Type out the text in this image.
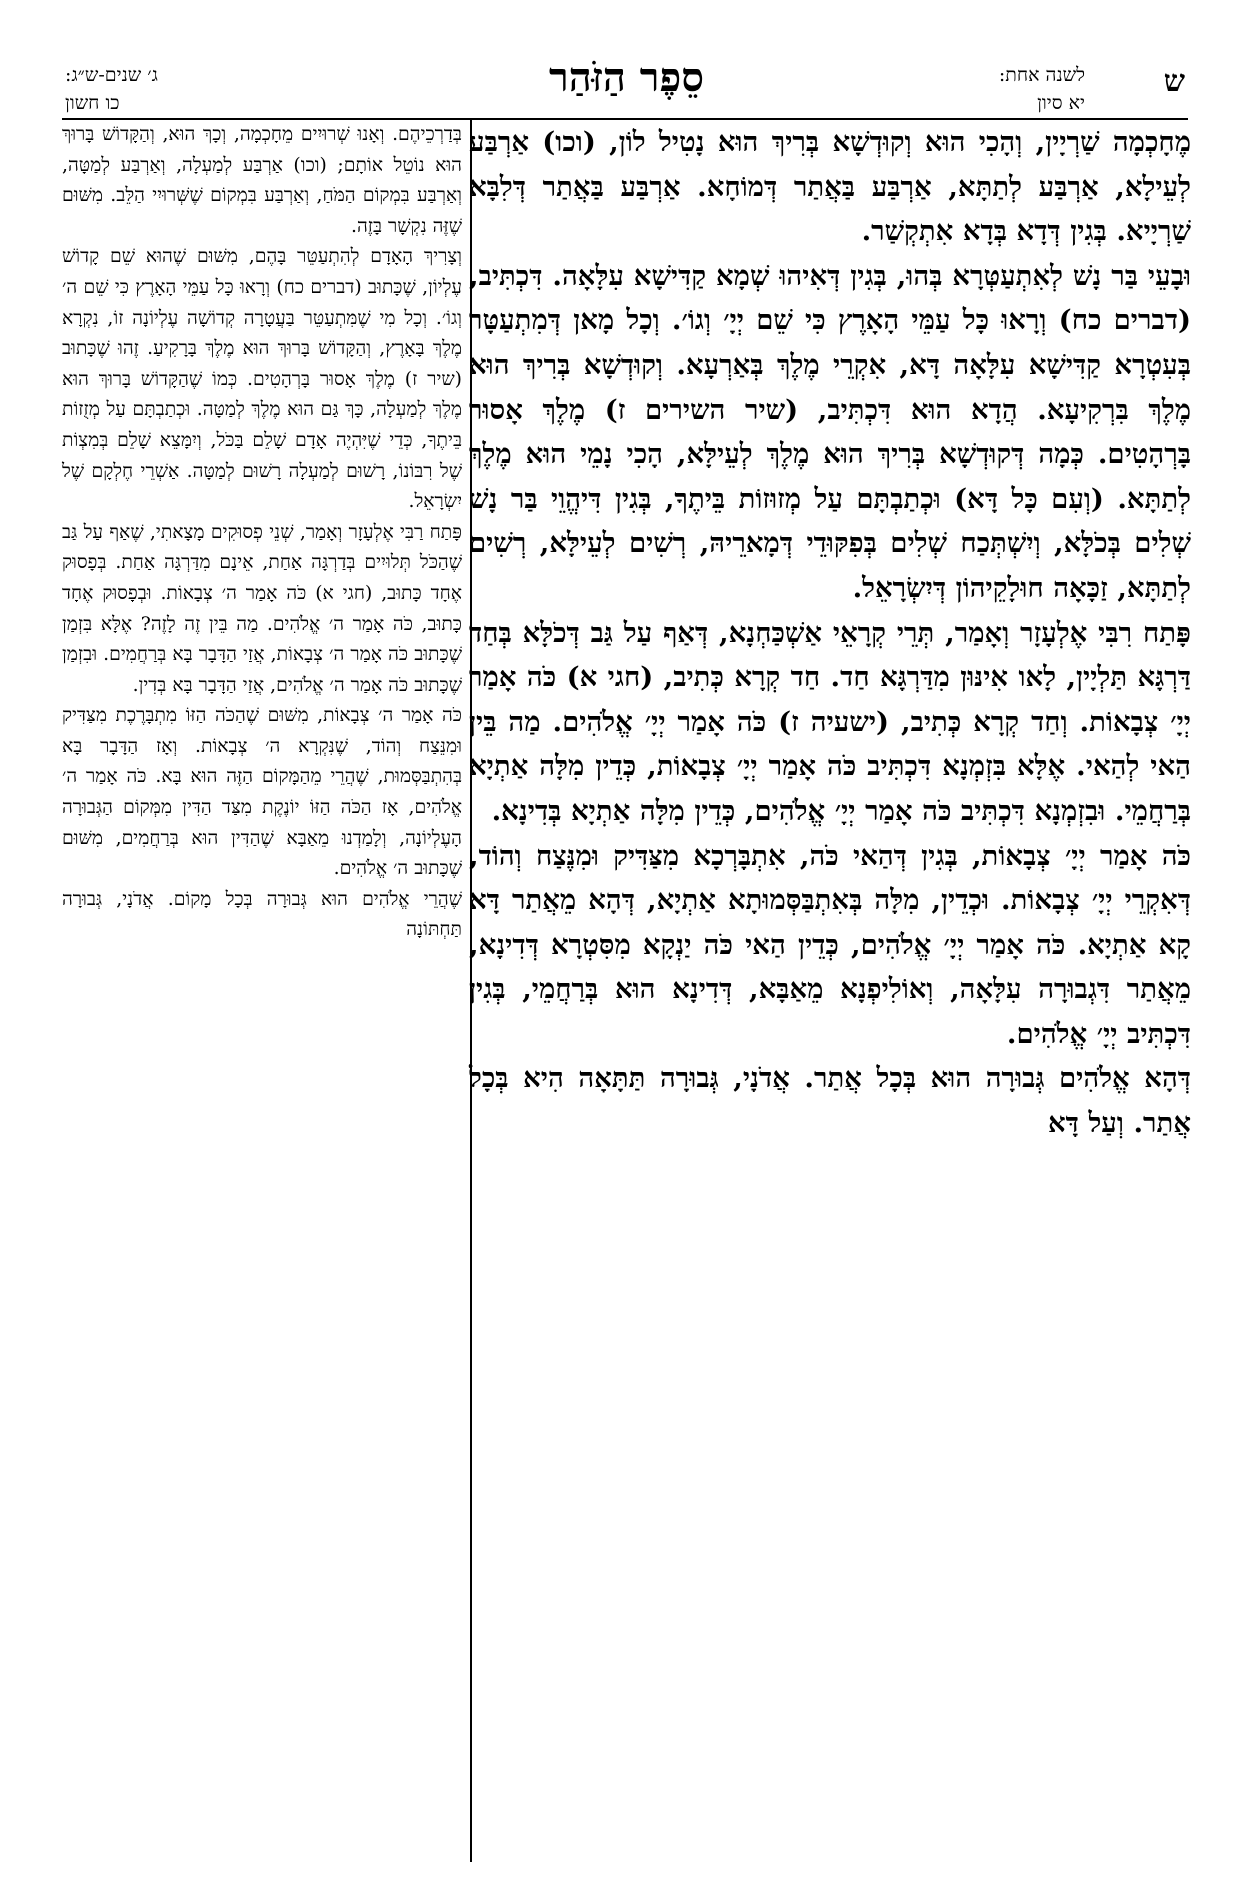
ש
לשנה אחת:
יא סיון
סֵפֶר הַזֹּהַר
ג׳ שנים-ש״ג:
כו חשון

מֶחָכְמָה שַׁרְיָין, וְהָכִי הוּא וְקוּדְשָׁא בְּרִיךְ הוּא נָטִיל לוֹן, (וכו) אַרְבַּע לְעֵילָא, אַרְבַּע לְתַתָּא, אַרְבַּע בַּאֲתַר דְּמוֹחָא. אַרְבַּע בַּאֲתַר דְּלִבָּא שַׁרְיָיא. בְּגִין דְּדָא בְּדָא אִתְקְשַׁר.

וּבָעֵי בַּר נָשׁ לְאִתְעַטְּרָא בְּהוּ, בְּגִין דְּאִיהוּ שְׁמָא קַדִּישָׁא עִלָּאָה. דִּכְתִּיב, (דברים כח) וְרָאוּ כָּל עַמֵּי הָאָרֶץ כִּי שֵׁם יְיָ׳ וְגוֹ׳. וְכָל מָאן דְּמִתְעַטָּר בְּעִטְרָא קַדִּישָׁא עִלָּאָה דָּא, אִקְרֵי מֶלֶךְ בְּאַרְעָא. וְקוּדְשָׁא בְּרִיךְ הוּא מֶלֶךְ בִּרְקִיעָא. הֲדָא הוּא דִּכְתִּיב, (שיר השירים ז) מֶלֶךְ אָסוּר בָּרְהָטִים. כְּמָה דְּקוּדְשָׁא בְּרִיךְ הוּא מֶלֶךְ לְעֵילָּא, הָכִי נָמֵי הוּא מֶלֶךְ לְתַתָּא. (וְעִם כָּל דָּא) וּכְתַבְתָּם עַל מְזוּזוֹת בֵּיתֶךָ, בְּגִין דִּיהֱוֵי בַּר נָשׁ שְׁלִים בְּכֹלָּא, וְיִשְׁתְּכַח שְׁלִים בְּפִקּוּדֵי דְּמָארֵיהּ, רְשִׁים לְעֵילָּא, רְשִׁים לְתַתָּא, זַכָּאָה חוּלָקֵיהוֹן דְּיִשְׂרָאֵל.

פָּתַח רִבִּי אֶלְעָזָר וְאָמַר, תְּרֵי קְרָאֵי אַשְׁכַּחְנָא, דְּאַף עַל גַּב דְּכֹלָּא בְּחַד דַּרְגָּא תַּלְיָין, לָאו אִינּוּן מִדַּרְגָּא חַד. חַד קְרָא כְּתִיב, (חגי א) כֹּה אָמַר יְיָ׳ צְבָאוֹת. וְחַד קְרָא כְּתִיב, (ישעיה ז) כֹּה אָמַר יְיָ׳ אֱלֹהִים. מַה בֵּין הַאי לְהַאי. אֶלָּא בִּזְמְנָא דִּכְתִּיב כֹּה אָמַר יְיָ׳ צְבָאוֹת, כְּדֵין מִלָּה אַתְיָא בְּרַחֲמֵי. וּבִזְמְנָא דִּכְתִּיב כֹּה אָמַר יְיָ׳ אֱלֹהִים, כְּדֵין מִלָּה אַתְיָא בְּדִינָא.

כֹּה אָמַר יְיָ׳ צְבָאוֹת, בְּגִין דְּהַאי כֹּה, אִתְבָּרְכָא מִצַּדִּיק וּמִנֶּצַח וְהוֹד, דְּאִקְרֵי יְיָ׳ צְבָאוֹת. וּכְדֵין, מִלָּה בְּאִתְבַּסְּמוּתָא אַתְיָא, דְּהָא מֵאֲתַר דָּא קָא אַתְיָא. כֹּה אָמַר יְיָ׳ אֱלֹהִים, כְּדֵין הַאי כֹּה יַנְקָא מִסִּטְרָא דְּדִינָא, מֵאֲתַר דִּגְבוּרָה עִלָּאָה, וְאוֹלִיפְנָא מֵאַבָּא, דְּדִינָא הוּא בְּרַחֲמֵי, בְּגִין דִּכְתִּיב יְיָ׳ אֱלֹהִים.

דְּהָא אֱלֹהִים גְּבוּרָה הוּא בְּכָל אֲתַר. אֲדֹנָי, גְּבוּרָה תַּתָּאָה הִיא בְּכָל אֲתַר. וְעַל דָּא

בְּדַרְכֵיהֶם. וְאָנוּ שְׁרוּיִים מֵחָכְמָה, וְכָךְ הוּא, וְהַקָּדוֹשׁ בָּרוּךְ הוּא נוֹטֵל אוֹתָם; (וכו) אַרְבַּע לְמַעְלָה, וְאַרְבַּע לְמַטָּה, וְאַרְבַּע בִּמְקוֹם הַמֹּחַ, וְאַרְבַּע בִּמְקוֹם שֶׁשְּׁרוּיִי הַלֵּב. מִשּׁוּם שֶׁזֶּה נִקְשָׁר בָּזֶה.

וְצָרִיךְ הָאָדָם לְהִתְעַטֵּר בָּהֶם, מִשּׁוּם שֶׁהוּא שֵׁם קָדוֹשׁ עֶלְיוֹן, שֶׁכָּתוּב (דברים כח) וְרָאוּ כָּל עַמֵּי הָאָרֶץ כִּי שֵׁם ה׳ וְגוֹ׳. וְכָל מִי שֶׁמִּתְעַטֵּר בַּעֲטָרָה קְדוֹשָׁה עֶלְיוֹנָה זוֹ, נִקְרָא מֶלֶךְ בָּאָרֶץ, וְהַקָּדוֹשׁ בָּרוּךְ הוּא מֶלֶךְ בָּרָקִיעַ. זֶהוּ שֶׁכָּתוּב (שיר ז) מֶלֶךְ אָסוּר בָּרְהָטִים. כְּמוֹ שֶׁהַקָּדוֹשׁ בָּרוּךְ הוּא מֶלֶךְ לְמַעְלָה, כָּךְ גַּם הוּא מֶלֶךְ לְמַטָּה. וּכְתַבְתָּם עַל מְזֻזוֹת בֵּיתֶךָ, כְּדֵי שֶׁיִּהְיֶה אָדָם שָׁלֵם בַּכֹּל, וְיִמָּצֵא שָׁלֵם בְּמִצְוֹת שֶׁל רִבּוֹנוֹ, רָשׁוּם לְמַעְלָה רָשׁוּם לְמַטָּה. אַשְׁרֵי חֶלְקָם שֶׁל יִשְׂרָאֵל.

פָּתַח רַבִּי אֶלְעָזָר וְאָמַר, שְׁנֵי פְסוּקִים מָצָאתִי, שֶׁאַף עַל גַּב שֶׁהַכֹּל תְּלוּיִים בְּדַרְגָּה אַחַת, אֵינָם מִדַּרְגָּה אַחַת. בְּפָסוּק אֶחָד כָּתוּב, (חגי א) כֹּה אָמַר ה׳ צְבָאוֹת. וּבְפָסוּק אֶחָד כָּתוּב, כֹּה אָמַר ה׳ אֱלֹהִים. מַה בֵּין זֶה לָזֶה? אֶלָּא בִּזְמַן שֶׁכָּתוּב כֹּה אָמַר ה׳ צְבָאוֹת, אֲזַי הַדָּבָר בָּא בְּרַחֲמִים. וּבִזְמַן שֶׁכָּתוּב כֹּה אָמַר ה׳ אֱלֹהִים, אֲזַי הַדָּבָר בָּא בְּדִין.

כֹּה אָמַר ה׳ צְבָאוֹת, מִשּׁוּם שֶׁהַכֹּה הַזּוֹ מִתְבָּרֶכֶת מִצַּדִּיק וּמִנֵּצַח וְהוֹד, שֶׁנִּקְרָא ה׳ צְבָאוֹת. וְאָז הַדָּבָר בָּא בְּהִתְבַּסְּמוּת, שֶׁהֲרֵי מֵהַמָּקוֹם הַזֶּה הוּא בָּא. כֹּה אָמַר ה׳ אֱלֹהִים, אָז הַכֹּה הַזּוֹ יוֹנֶקֶת מִצַּד הַדִּין מִמְּקוֹם הַגְּבוּרָה הָעֶלְיוֹנָה, וְלָמַדְנוּ מֵאַבָּא שֶׁהַדִּין הוּא בְּרַחֲמִים, מִשּׁוּם שֶׁכָּתוּב ה׳ אֱלֹהִים.

שֶׁהֲרֵי אֱלֹהִים הוּא גְּבוּרָה בְּכָל מָקוֹם. אֲדֹנָי, גְּבוּרָה תַּחְתּוֹנָה
